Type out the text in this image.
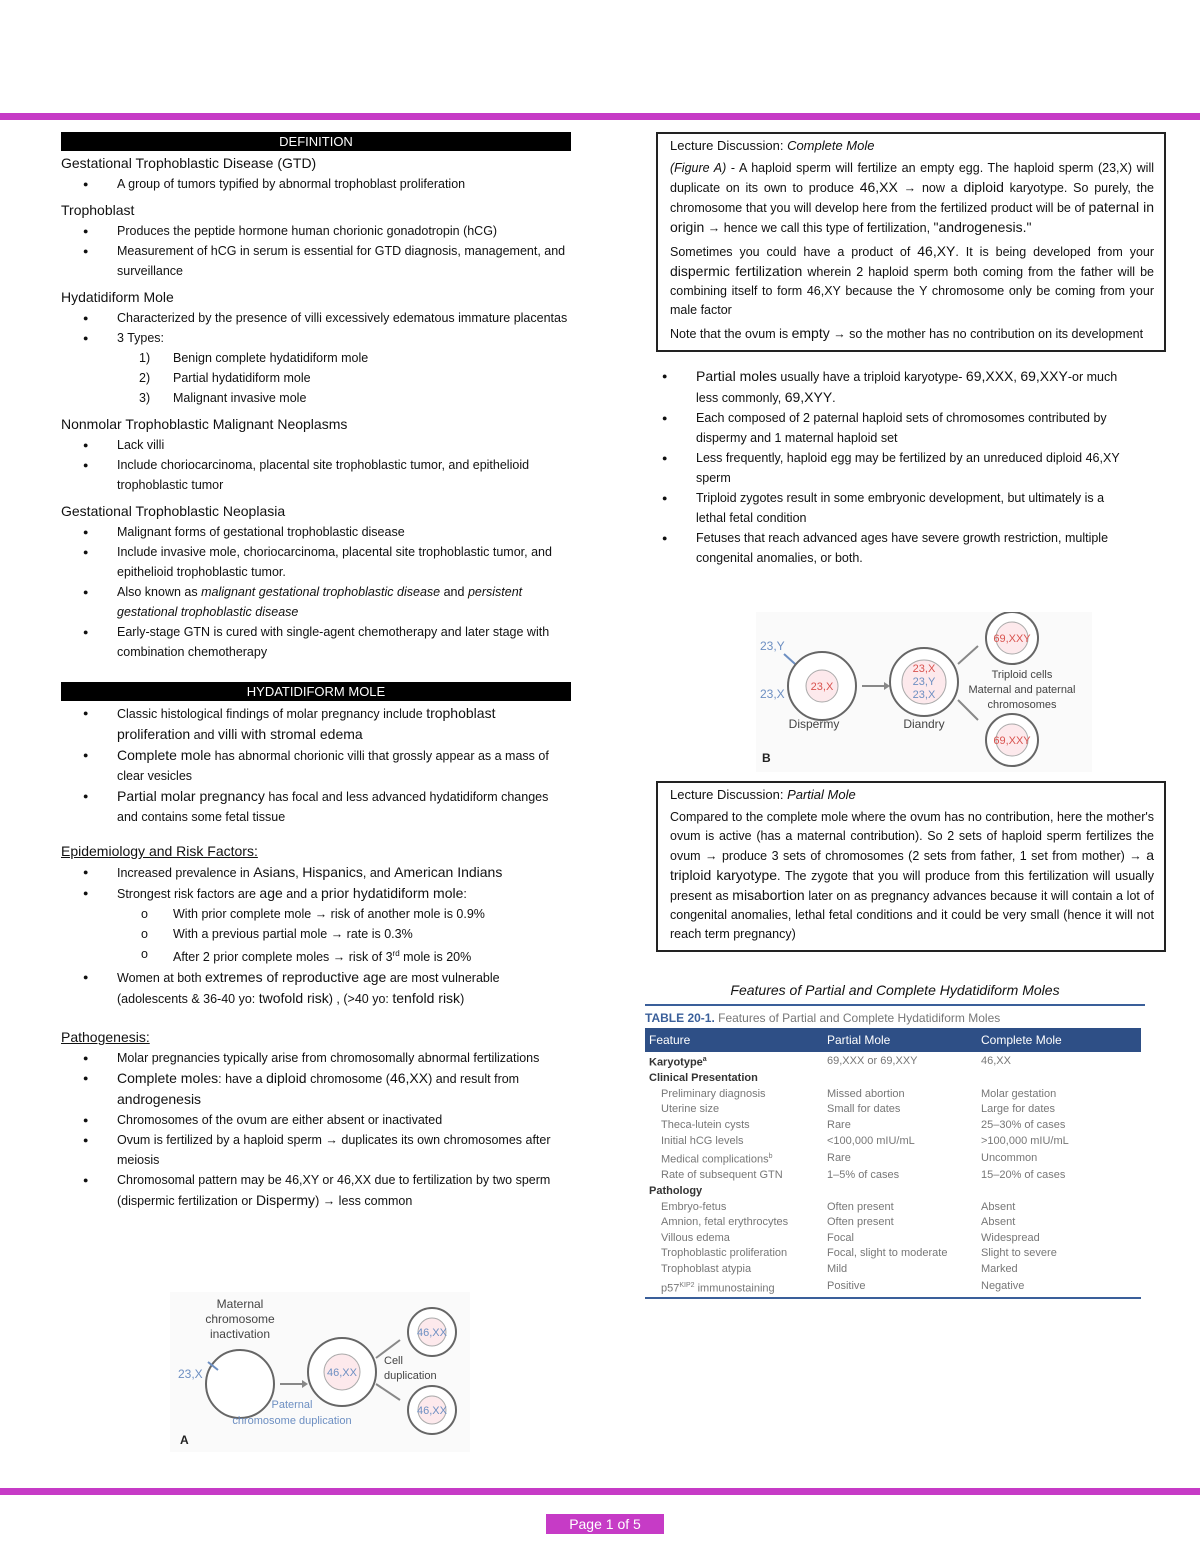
DEFINITION
Gestational Trophoblastic Disease (GTD)
● A group of tumors typified by abnormal trophoblast proliferation
Trophoblast
● Produces the peptide hormone human chorionic gonadotropin (hCG)
● Measurement of hCG in serum is essential for GTD diagnosis, management, and surveillance
Hydatidiform Mole
● Characterized by the presence of villi excessively edematous immature placentas
● 3 Types:
1) Benign complete hydatidiform mole
2) Partial hydatidiform mole
3) Malignant invasive mole
Nonmolar Trophoblastic Malignant Neoplasms
● Lack villi
● Include choriocarcinoma, placental site trophoblastic tumor, and epithelioid trophoblastic tumor
Gestational Trophoblastic Neoplasia
● Malignant forms of gestational trophoblastic disease
● Include invasive mole, choriocarcinoma, placental site trophoblastic tumor, and epithelioid trophoblastic tumor.
● Also known as malignant gestational trophoblastic disease and persistent gestational trophoblastic disease
● Early-stage GTN is cured with single-agent chemotherapy and later stage with combination chemotherapy
HYDATIDIFORM MOLE
● Classic histological findings of molar pregnancy include trophoblast proliferation and villi with stromal edema
● Complete mole has abnormal chorionic villi that grossly appear as a mass of clear vesicles
● Partial molar pregnancy has focal and less advanced hydatidiform changes and contains some fetal tissue
Epidemiology and Risk Factors:
● Increased prevalence in Asians, Hispanics, and American Indians
● Strongest risk factors are age and a prior hydatidiform mole:
o With prior complete mole → risk of another mole is 0.9%
o With a previous partial mole → rate is 0.3%
o After 2 prior complete moles → risk of 3rd mole is 20%
● Women at both extremes of reproductive age are most vulnerable (adolescents & 36-40 yo: twofold risk) , (>40 yo: tenfold risk)
Pathogenesis:
● Molar pregnancies typically arise from chromosomally abnormal fertilizations
● Complete moles: have a diploid chromosome (46,XX) and result from androgenesis
● Chromosomes of the ovum are either absent or inactivated
● Ovum is fertilized by a haploid sperm → duplicates its own chromosomes after meiosis
● Chromosomal pattern may be 46,XY or 46,XX due to fertilization by two sperm (dispermic fertilization or Dispermy) → less common
Maternal
chromosome
inactivation
23,X	46,XX
46,XX
46,XX
Cell
duplication
Paternal
chromosome duplication
A
Lecture Discussion: Complete Mole

(Figure A) - A haploid sperm will fertilize an empty egg. The haploid sperm (23,X) will duplicate on its own to produce 46,XX → now a diploid karyotype. So purely, the chromosome that you will develop here from the fertilized product will be of paternal in origin → hence we call this type of fertilization, "androgenesis."

Sometimes you could have a product of 46,XY. It is being developed from your dispermic fertilization wherein 2 haploid sperm both coming from the father will be combining itself to form 46,XY because the Y chromosome only be coming from your male factor

Note that the ovum is empty → so the mother has no contribution on its development

● Partial moles usually have a triploid karyotype- 69,XXX, 69,XXY-or much less commonly, 69,XYY.
● Each composed of 2 paternal haploid sets of chromosomes contributed by dispermy and 1 maternal haploid set
● Less frequently, haploid egg may be fertilized by an unreduced diploid 46,XY sperm
● Triploid zygotes result in some embryonic development, but ultimately is a lethal fetal condition
● Fetuses that reach advanced ages have severe growth restriction, multiple congenital anomalies, or both.
23,Y
23,X 23,X
Dispermy
23,X
23,Y
23,X
Diandry
69,XXY
69,XXY
Triploid cells
Maternal and paternal
chromosomes
B
Lecture Discussion: Partial Mole

Compared to the complete mole where the ovum has no contribution, here the mother's ovum is active (has a maternal contribution). So 2 sets of haploid sperm fertilizes the ovum → produce 3 sets of chromosomes (2 sets from father, 1 set from mother) → a triploid karyotype. The zygote that you will produce from this fertilization will usually present as misabortion later on as pregnancy advances because it will contain a lot of congenital anomalies, lethal fetal conditions and it could be very small (hence it will not reach term pregnancy)

Features of Partial and Complete Hydatidiform Moles
TABLE 20-1. Features of Partial and Complete Hydatidiform Moles
Feature	Partial Mole	Complete Mole
Karyotype$^a$	69,XXX or 69,XXY	46,XX
Clinical Presentation		
Preliminary diagnosis	Missed abortion	Molar gestation
Uterine size	Small for dates	Large for dates
Theca-lutein cysts	Rare	25–30% of cases
Initial hCG levels	<100,000 mIU/mL	>100,000 mIU/mL
Medical complications$^b$	Rare	Uncommon
Rate of subsequent GTN	1–5% of cases	15–20% of cases
Pathology		
Embryo-fetus	Often present	Absent
Amnion, fetal erythrocytes	Often present	Absent
Villous edema	Focal	Widespread
Trophoblastic proliferation	Focal, slight to moderate	Slight to severe
Trophoblast atypia	Mild	Marked
$p57^{KIP2}$ immunostaining	Positive	Negative
Page 1 of 5
